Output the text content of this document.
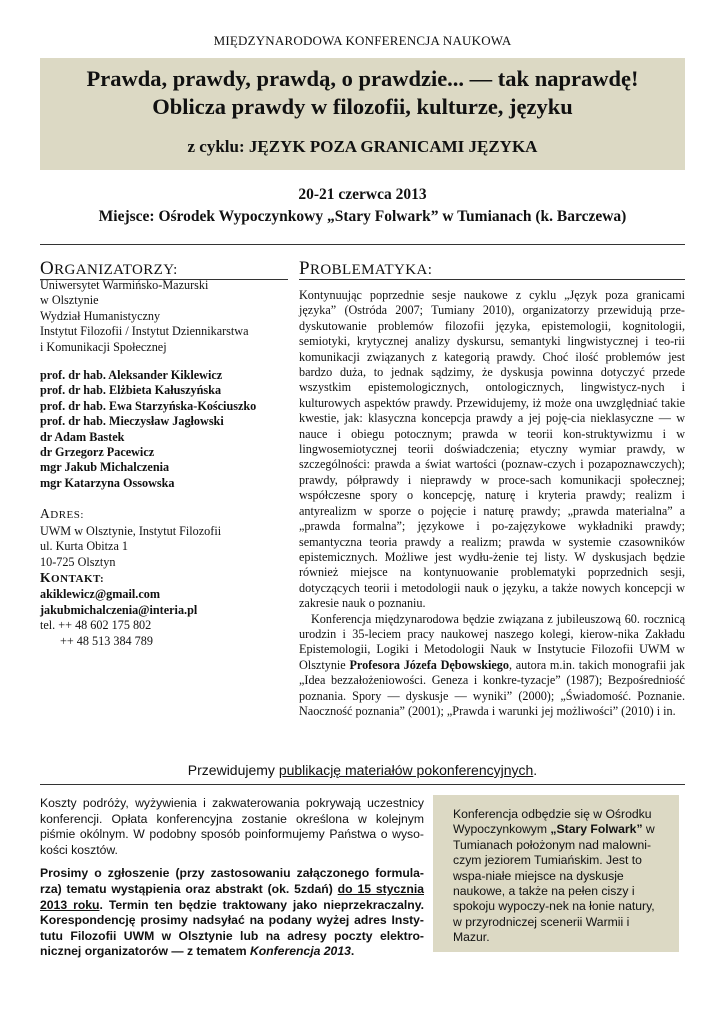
MIĘDZYNARODOWA KONFERENCJA NAUKOWA
Prawda, prawdy, prawdą, o prawdzie... — tak naprawdę!
Oblicza prawdy w filozofii, kulturze, języku
z cyklu: JĘZYK POZA GRANICAMI JĘZYKA
20-21 czerwca 2013
Miejsce: Ośrodek Wypoczynkowy „Stary Folwark” w Tumianach (k. Barczewa)
ORGANIZATORZY:	PROBLEMATYKA:
Uniwersytet Warmińsko-Mazurski
w Olsztynie
Wydział Humanistyczny
Instytut Filozofii / Instytut Dziennikarstwa
i Komunikacji Społecznej
prof. dr hab. Aleksander Kiklewicz
prof. dr hab. Elżbieta Kałuszyńska
prof. dr hab. Ewa Starzyńska-Kościuszko
prof. dr hab. Mieczysław Jagłowski
dr Adam Bastek
dr Grzegorz Pacewicz
mgr Jakub Michalczenia
mgr Katarzyna Ossowska
ADRES:
UWM w Olsztynie, Instytut Filozofii
ul. Kurta Obitza 1
10-725 Olsztyn
KONTAKT:
akiklewicz@gmail.com
jakubmichalczenia@interia.pl
tel. ++ 48 602 175 802
++ 48 513 384 789

Kontynuując poprzednie sesje naukowe z cyklu „Język poza granicami języka” (Ostróda 2007; Tumiany 2010), organizatorzy przewidują prze-dyskutowanie problemów filozofii języka, epistemologii, kognitologii, semiotyki, krytycznej analizy dyskursu, semantyki lingwistycznej i teo-rii komunikacji związanych z kategorią prawdy. Choć ilość problemów jest bardzo duża, to jednak sądzimy, że dyskusja powinna dotyczyć przede wszystkim epistemologicznych, ontologicznych, lingwistycz-nych i kulturowych aspektów prawdy. Przewidujemy, iż może ona uwzględniać takie kwestie, jak: klasyczna koncepcja prawdy a jej poję-cia nieklasyczne — w nauce i obiegu potocznym; prawda w teorii kon-struktywizmu i w lingwosemiotycznej teorii doświadczenia; etyczny wymiar prawdy, w szczególności: prawda a świat wartości (poznaw-czych i pozapoznawczych); prawdy, półprawdy i nieprawdy w proce-sach komunikacji społecznej; współczesne spory o koncepcję, naturę i kryteria prawdy; realizm i antyrealizm w sporze o pojęcie i naturę prawdy; „prawda materialna” a „prawda formalna”; językowe i po-zajęzykowe wykładniki prawdy; semantyczna teoria prawdy a realizm; prawda w systemie czasowników epistemicznych. Możliwe jest wydłu-żenie tej listy. W dyskusjach będzie również miejsce na kontynuowanie problematyki poprzednich sesji, dotyczących teorii i metodologii nauk o języku, a także nowych koncepcji w zakresie nauk o poznaniu.

Konferencja międzynarodowa będzie związana z jubileuszową 60. rocznicą urodzin i 35-leciem pracy naukowej naszego kolegi, kierow-nika Zakładu Epistemologii, Logiki i Metodologii Nauk w Instytucie Filozofii UWM w Olsztynie Profesora Józefa Dębowskiego, autora m.in. takich monografii jak „Idea bezzałożeniowości. Geneza i konkre-tyzacje” (1987); Bezpośredniość poznania. Spory — dyskusje — wyniki” (2000); „Świadomość. Poznanie. Naoczność poznania” (2001); „Prawda i warunki jej możliwości” (2010) i in.

Przewidujemy publikację materiałów pokonferencyjnych.

Koszty podróży, wyżywienia i zakwaterowania pokrywają uczestnicy konferencji. Opłata konferencyjna zostanie określona w kolejnym piśmie okólnym. W podobny sposób poinformujemy Państwa o wyso-kości kosztów.

Prosimy o zgłoszenie (przy zastosowaniu załączonego formula-rza) tematu wystąpienia oraz abstrakt (ok. 5zdań) do 15 stycznia 2013 roku. Termin ten będzie traktowany jako nieprzekraczalny. Korespondencję prosimy nadsyłać na podany wyżej adres Insty-tutu Filozofii UWM w Olsztynie lub na adresy poczty elektro-nicznej organizatorów — z tematem Konferencja 2013.

Konferencja odbędzie się w Ośrodku Wypoczynkowym „Stary Folwark” w Tumianach położonym nad malowni-czym jeziorem Tumiańskim. Jest to wspa-niałe miejsce na dyskusje naukowe, a także na pełen ciszy i spokoju wypoczy-nek na łonie natury, w przyrodniczej scenerii Warmii i Mazur.
